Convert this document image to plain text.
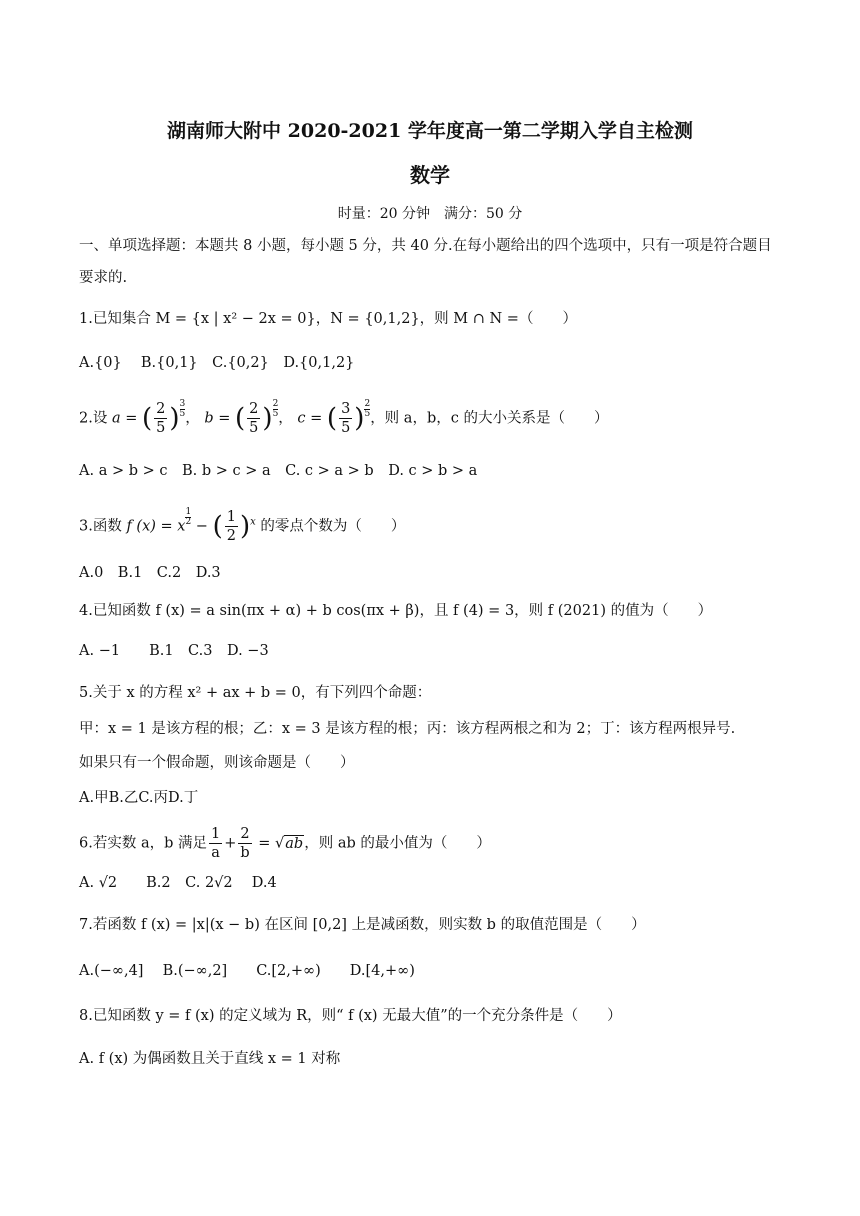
湖南师大附中 2020-2021 学年度高一第二学期入学自主检测
数学
时量：20 分钟　满分：50 分
一、单项选择题：本题共 8 小题，每小题 5 分，共 40 分.在每小题给出的四个选项中，只有一项是符合题目
要求的.
1.已知集合 M = {x | x² − 2x = 0}，N = {0,1,2}，则 M ∩ N =（　　）
A.{0}　 B.{0,1}　C.{0,2}　D.{0,1,2}
2.设 a = ( $\frac{2}{5}$ ) $\frac{3}{5}$ ， b = ( $\frac{2}{5}$ ) $\frac{2}{5}$ ， c = ( $\frac{3}{5}$ ) $\frac{2}{5}$ ，则 a，b，c 的大小关系是（　　）
A. a > b > c　B. b > c > a　C. c > a > b　D. c > b > a
3.函数 f (x) = x $\frac{1}{2}$ − ( $\frac{1}{2} )^x$ 的零点个数为（　　）
A.0　B.1　C.2　D.3
4.已知函数 f (x) = a sin(πx + α) + b cos(πx + β)，且 f (4) = 3，则 f (2021) 的值为（　　）
A. −1　　B.1　C.3　D. −3
5.关于 x 的方程 x² + ax + b = 0，有下列四个命题：
甲：x = 1 是该方程的根；乙：x = 3 是该方程的根；丙：该方程两根之和为 2；丁：该方程两根异号.
如果只有一个假命题，则该命题是（　　）
A.甲B.乙C.丙D.丁
6.若实数 a，b 满足 $\frac{1}{a} + \frac{2}{b} = √ab$，则 ab 的最小值为（　　）
A. √2　　B.2　C. 2√2　 D.4
7.若函数 f (x) = |x|(x − b) 在区间 [0,2] 上是减函数，则实数 b 的取值范围是（　　）
A.(−∞,4]　 B.(−∞,2]　　C.[2,+∞)　　D.[4,+∞)
8.已知函数 y = f (x) 的定义域为 R，则“ f (x) 无最大值”的一个充分条件是（　　）
A. f (x) 为偶函数且关于直线 x = 1 对称
